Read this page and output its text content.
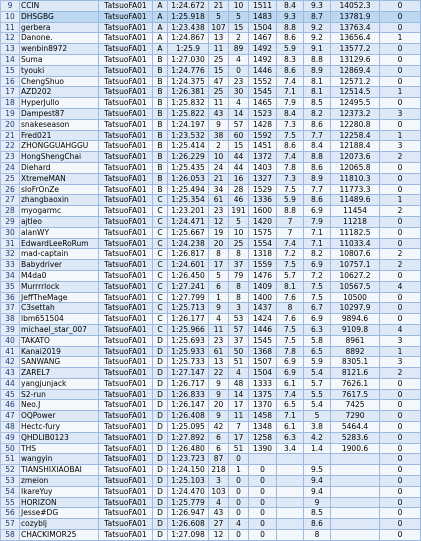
9	CCIN	TatsuoFA01	A	1:24.672	21	10	1511	8.4	9.3	14052.3	0
10	DHSGBG	TatsuoFA01	A	1:25.918	5	5	1483	9.3	8.7	13781.9	0
11	gerbera	TatsuoFA01	A	1:23.438	107	15	1504	8.8	9.2	13763.4	0
12	Danone.	TatsuoFA01	A	1:24.867	13	2	1467	8.6	9.2	13656.4	1
13	wenbin8972	TatsuoFA01	A	1:25.9	11	89	1492	5.9	9.1	13577.2	0
14	Suma	TatsuoFA01	B	1:27.030	25	4	1492	8.3	8.8	13129.6	0
15	tyouki	TatsuoFA01	B	1:24.776	15	0	1446	8.6	8.9	12869.4	0
16	ChengShuo	TatsuoFA01	B	1:24.375	47	23	1552	7.4	8.1	12571.2	0
17	AZD202	TatsuoFA01	B	1:26.381	25	30	1545	7.1	8.1	12514.5	1
18	HyperJullo	TatsuoFA01	B	1:25.832	11	4	1465	7.9	8.5	12495.5	0
19	Dampest87	TatsuoFA01	B	1:25.822	43	14	1523	8.4	8.2	12373.2	3
20	snakeseason	TatsuoFA01	B	1:24.197	9	57	1428	7.3	8.6	12280.8	0
21	Fred021	TatsuoFA01	B	1:23.532	38	60	1592	7.5	7.7	12258.4	1
22	ZHONGGUAHGGU	TatsuoFA01	B	1:25.414	2	15	1451	8.6	8.4	12188.4	3
23	HongShengChai	TatsuoFA01	B	1:26.229	10	44	1372	7.4	8.8	12073.6	2
24	Diehard	TatsuoFA01	B	1:25.435	24	44	1403	7.8	8.6	12065.8	0
25	XtremeMAN	TatsuoFA01	B	1:26.053	21	16	1327	7.3	8.9	11810.3	0
26	sIoFrOnZe	TatsuoFA01	B	1:25.494	34	28	1529	7.5	7.7	11773.3	0
27	zhangbaoxin	TatsuoFA01	C	1:25.354	61	46	1336	5.9	8.6	11489.6	1
28	myogarmc	TatsuoFA01	C	1:23.201	23	191	1600	8.8	6.9	11454	2
29	ajtleo	TatsuoFA01	C	1:24.471	12	5	1420	7	7.9	11218	0
30	alanWY	TatsuoFA01	C	1:25.667	19	10	1575	7	7.1	11182.5	0
31	EdwardLeeRoRum	TatsuoFA01	C	1:24.238	20	25	1554	7.4	7.1	11033.4	0
32	mad-captain	TatsuoFA01	C	1:26.817	8	8	1318	7.2	8.2	10807.6	2
33	Babydriver	TatsuoFA01	C	1:24.601	17	37	1559	7.5	6.9	10757.1	2
34	M4da0	TatsuoFA01	C	1:26.450	5	79	1476	5.7	7.2	10627.2	0
35	Murrrrlock	TatsuoFA01	C	1:27.241	6	8	1409	8.1	7.5	10567.5	4
36	JeffTheMage	TatsuoFA01	C	1:27.799	1	8	1400	7.6	7.5	10500	0
37	C3settah	TatsuoFA01	C	1:25.713	9	3	1437	8	6.7	10297.9	0
38	lbm651504	TatsuoFA01	C	1:26.177	4	53	1424	7.6	6.9	9894.6	0
39	michael_star_007	TatsuoFA01	C	1:25.966	11	57	1446	7.5	6.3	9109.8	4
40	TAKATO	TatsuoFA01	D	1:25.693	23	37	1545	7.5	5.8	8961	3
41	Kanai2019	TatsuoFA01	D	1:25.933	61	50	1368	7.8	6.5	8892	1
42	SANWANG	TatsuoFA01	D	1:25.733	13	51	1507	6.9	5.9	8305.1	3
43	ZAREL7	TatsuoFA01	D	1:27.147	22	4	1504	6.9	5.4	8121.6	2
44	yangjunjack	TatsuoFA01	D	1:26.717	9	48	1333	6.1	5.7	7626.1	0
45	S2-run	TatsuoFA01	D	1:26.833	9	14	1375	7.4	5.5	7617.5	0
46	Neo.J	TatsuoFA01	D	1:26.147	20	17	1370	6.5	5.4	7425	0
47	OQPower	TatsuoFA01	D	1:26.408	9	11	1458	7.1	5	7290	0
48	Hectc-fury	TatsuoFA01	D	1:25.095	42	7	1348	6.1	3.8	5464.4	0
49	QHDLIB0123	TatsuoFA01	D	1:27.892	6	17	1258	6.3	4.2	5283.6	0
50	THS	TatsuoFA01	D	1:26.480	6	51	1390	3.4	1.4	1900.6	0
51	wangyin	TatsuoFA01	D	1:23.723	87	0					0
52	TIANSHIXIAOBAI	TatsuoFA01	D	1:24.150	218	1	0		9.5		0
53	zmeion	TatsuoFA01	D	1:25.103	3	0	0		9.4		0
54	IkareYuy	TatsuoFA01	D	1:24.470	103	0	0		9.4		0
55	HORIZON	TatsuoFA01	D	1:25.779	4	0	0		9		0
56	Jesse#DG	TatsuoFA01	D	1:26.947	43	0	0		8.5		0
57	cozyblj	TatsuoFA01	D	1:26.608	27	4	0		8.6		0
58	CHACKIMOR25	TatsuoFA01	D	1:27.098	12	0	0		8		0
